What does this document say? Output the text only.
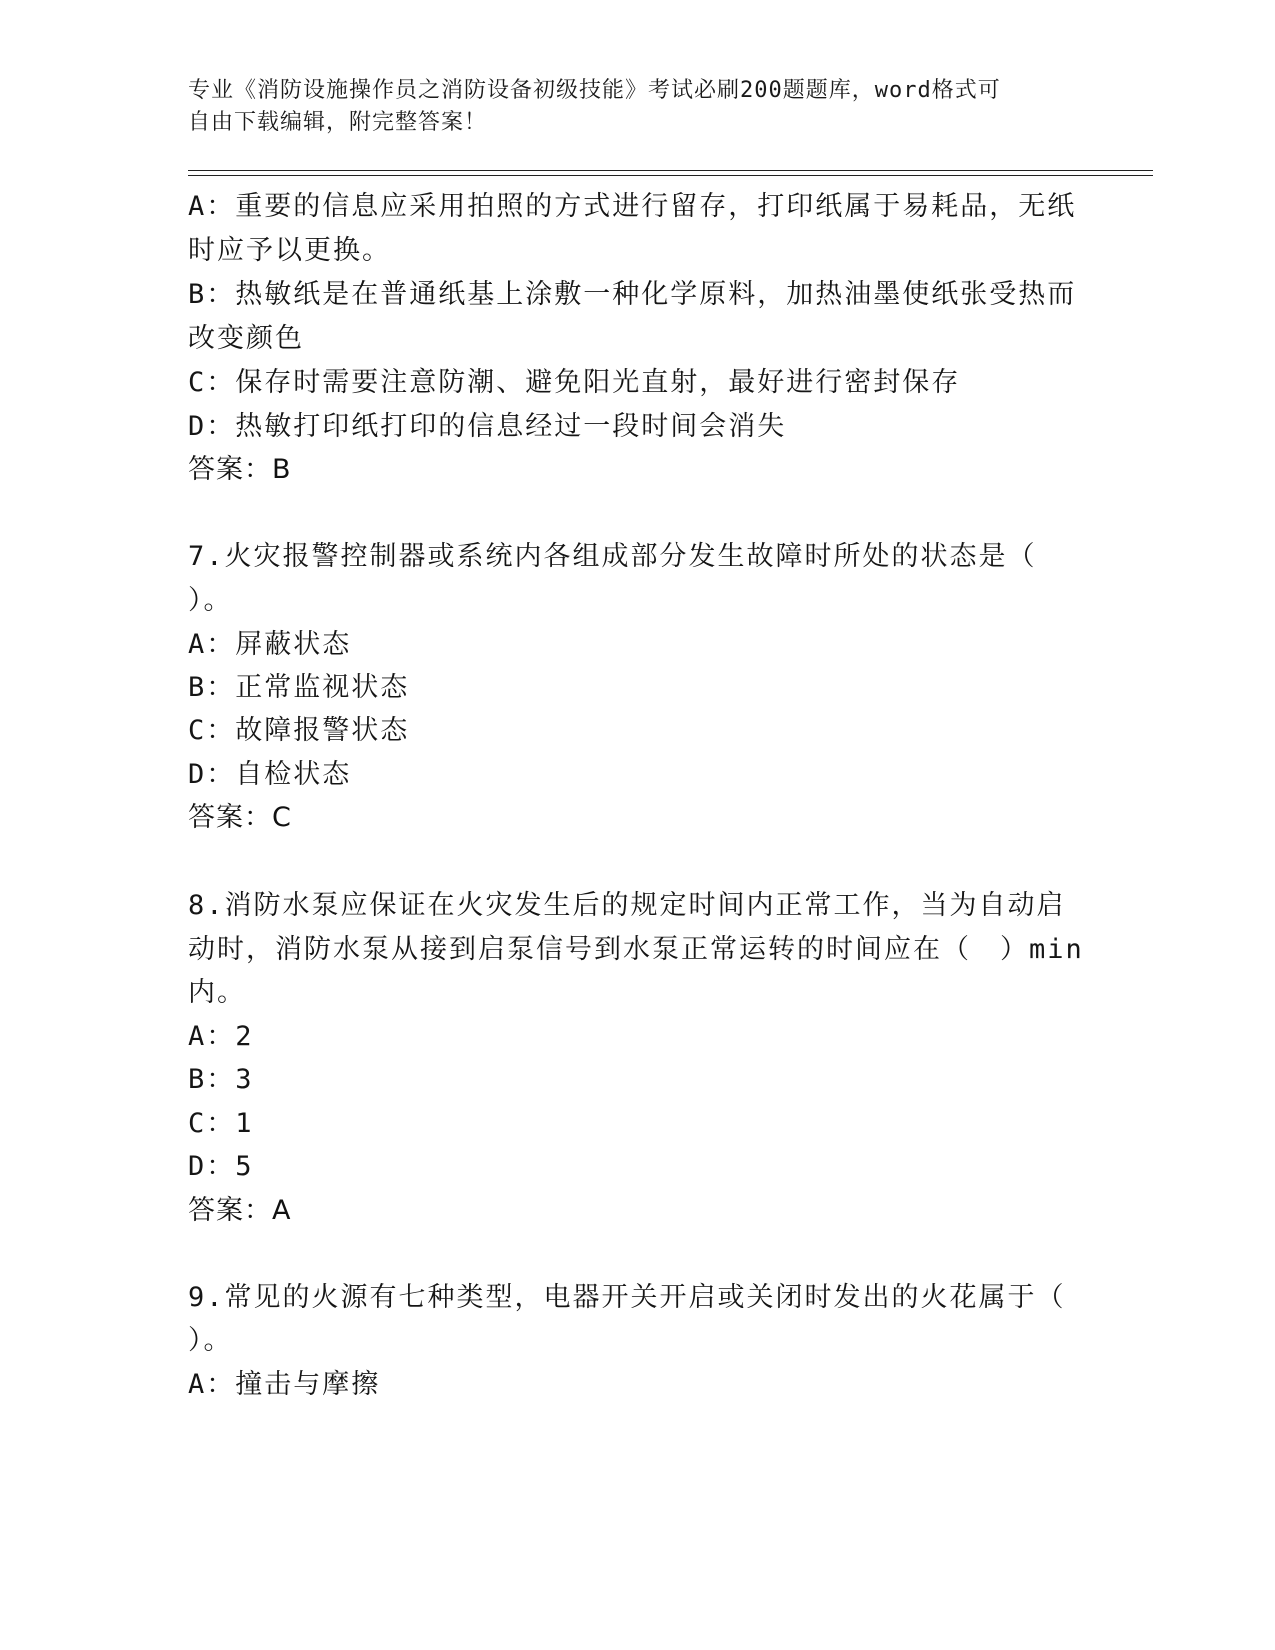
专业《消防设施操作员之消防设备初级技能》考试必刷200题题库，word格式可
自由下载编辑，附完整答案！
A：重要的信息应采用拍照的方式进行留存，打印纸属于易耗品，无纸
时应予以更换。
B：热敏纸是在普通纸基上涂敷一种化学原料，加热油墨使纸张受热而
改变颜色
C：保存时需要注意防潮、避免阳光直射，最好进行密封保存
D：热敏打印纸打印的信息经过一段时间会消失
答案：B
7.火灾报警控制器或系统内各组成部分发生故障时所处的状态是（
）。
A：屏蔽状态
B：正常监视状态
C：故障报警状态
D：自检状态
答案：C
8.消防水泵应保证在火灾发生后的规定时间内正常工作，当为自动启
动时，消防水泵从接到启泵信号到水泵正常运转的时间应在（　）min
内。
A：2
B：3
C：1
D：5
答案：A
9.常见的火源有七种类型，电器开关开启或关闭时发出的火花属于（
）。
A：撞击与摩擦
